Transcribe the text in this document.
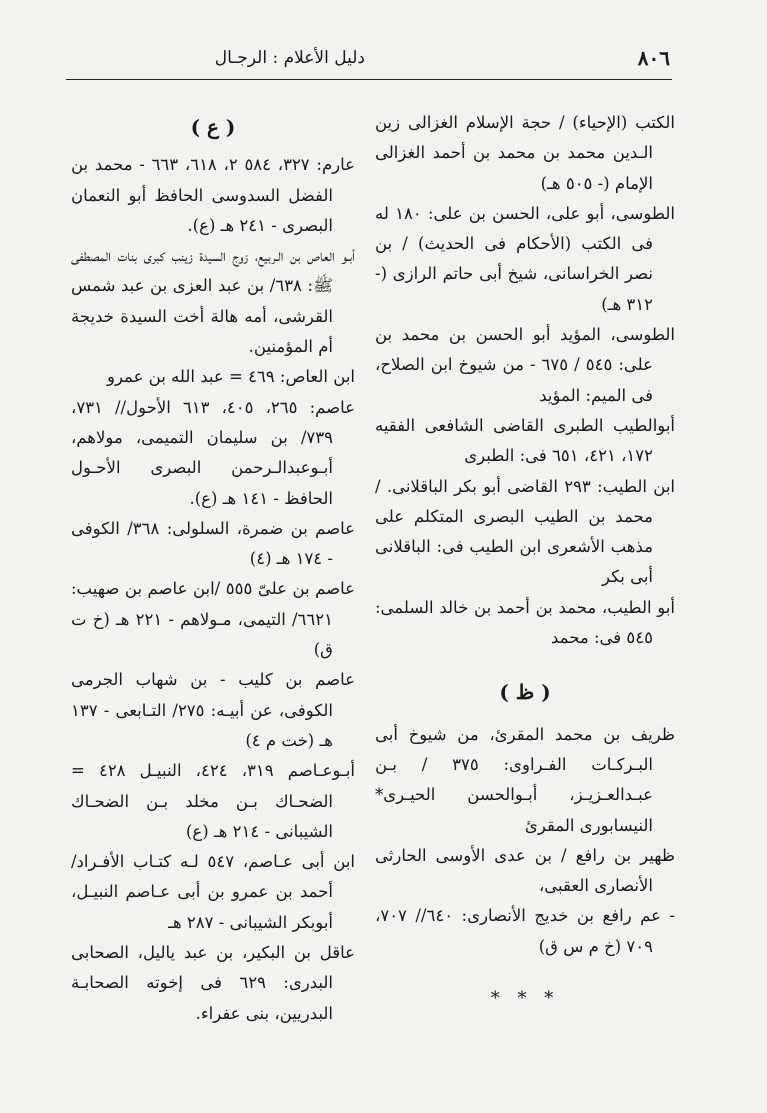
٨٠٦
دليل الأعلام : الرجـال

الكتب (الإحياء) / حجة الإسلام الغزالى زين الـدين محمد بن محمد بن أحمد الغزالى الإمام (- ٥٠٥ هـ)

الطوسى، أبو على، الحسن بن على: ١٨٠ له فى الكتب (الأحكام فى الحديث) / بن نصر الخراسانى، شيخ أبى حاتم الرازى (- ٣١٢ هـ)

الطوسى، المؤيد أبو الحسن بن محمد بن على: ٥٤٥ / ٦٧٥ - من شيوخ ابن الصلاح، فى الميم: المؤيد

أبوالطيب الطبرى القاضى الشافعى الفقيه ١٧٢، ٤٢١، ٦٥١ فى: الطبرى

ابن الطيب: ٢٩٣ القاضى أبو بكر الباقلانى. / محمد بن الطيب البصرى المتكلم على مذهب الأشعرى ابن الطيب فى: الباقلانى أبى بكر

أبو الطيب، محمد بن أحمد بن خالد السلمى: ٥٤٥ فى: محمد

( ظ )

ظريف بن محمد المقرئ، من شيوخ أبى البـركـات الفـراوى: ٣٧٥ / بـن عبـدالعـزيـز، أبـوالحسن الحيـرى* النيسابورى المقرئ

ظهير بن رافع / بن عدى الأوسى الحارثى الأنصارى العقبى،

- عم رافع بن خديج الأنصارى: ٦٤٠// ٧٠٧، ٧٠٩ (خ م س ق)

* * *
( ع )

عارم: ٣٢٧، ٥٨٤ ٢، ٦١٨، ٦٦٣ - محمد بن الفضل السدوسى الحافظ أبو النعمان البصرى - ٢٤١ هـ (ع).

أبـو العاص بن الـربيع، زوج السيدة زينب كبرى بنات المصطفى ﷺ: ٦٣٨/ بن عبد العزى بن عبد شمس القرشى، أمه هالة أخت السيدة خديجة أم المؤمنين.

ابن العاص: ٤٦٩ = عبد الله بن عمرو

عاصم: ٢٦٥، ٤٠٥، ٦١٣ الأحول// ٧٣١، ٧٣٩/ بن سليمان التميمى، مولاهم، أبـوعبدالـرحمن البصرى الأحـول الحافظ - ١٤١ هـ (ع).

عاصم بن ضمرة، السلولى: ٣٦٨/ الكوفى - ١٧٤ هـ (٤)

عاصم بن علىّ ٥٥٥ /ابن عاصم بن صهيب: ٦٦٢١/ التيمى، مـولاهم - ٢٢١ هـ (خ ت ق)

عاصم بن كليب - بن شهاب الجرمى الكوفى، عن أبيـه: ٢٧٥/ التـابعى - ١٣٧ هـ (خت م ٤)

أبـوعـاصم ٣١٩، ٤٢٤، النبيـل ٤٢٨ = الضحـاك بـن مخلد بـن الضحـاك الشيبانى - ٢١٤ هـ (ع)

ابن أبى عـاصم، ٥٤٧ لـه كتـاب الأفـراد/ أحمد بن عمرو بن أبى عـاصم النبيـل، أبوبكر الشيبانى - ٢٨٧ هـ

عاقل بن البكير، بن عبد ياليل، الصحابى البدرى: ٦٢٩ فى إخوته الصحابـة البدريين، بنى عفراء.
